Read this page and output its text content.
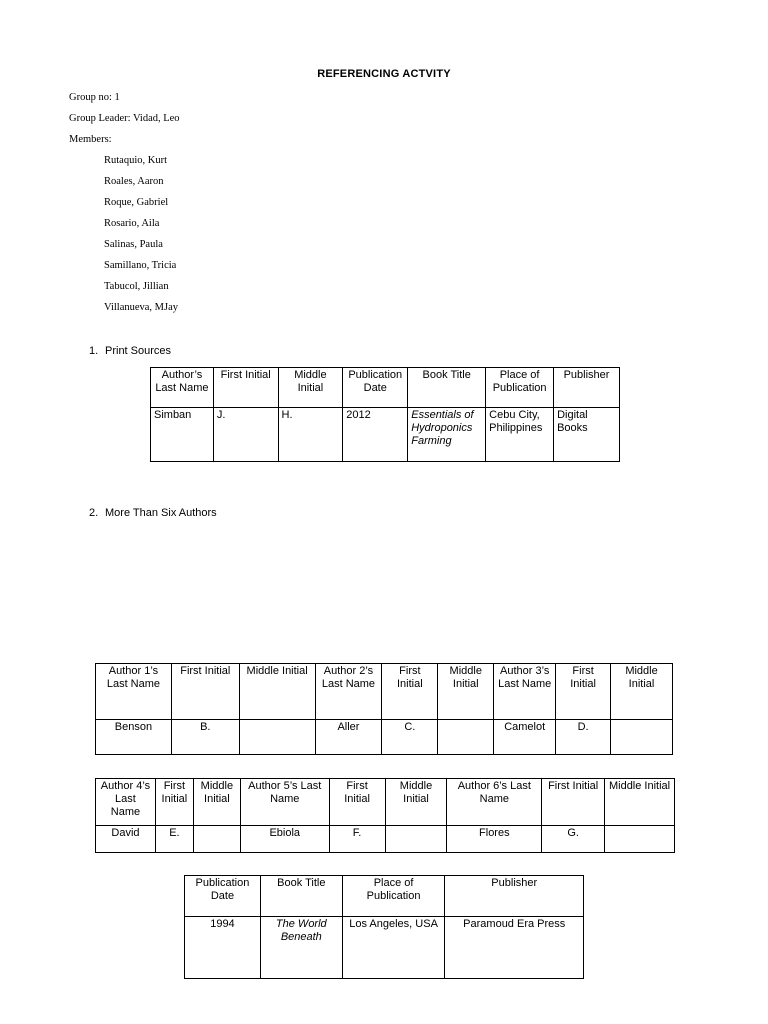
REFERENCING ACTVITY
Group no: 1
Group Leader: Vidad, Leo
Members:
Rutaquio, Kurt
Roales, Aaron
Roque, Gabriel
Rosario, Aila
Salinas, Paula
Samillano, Tricia
Tabucol, Jillian
Villanueva, MJay
1. Print Sources
Author’s Last Name	First Initial	Middle Initial	Publication Date	Book Title	Place of Publication	Publisher
Simban	J.	H.	2012	Essentials of Hydroponics Farming	Cebu City, Philippines	Digital Books
2. More Than Six Authors
Author 1’s Last Name	First Initial	Middle Initial	Author 2’s Last Name	First Initial	Middle Initial	Author 3’s Last Name	First Initial	Middle Initial
Benson	B.		Aller	C.		Camelot	D.	
Author 4’s Last Name	First Initial	Middle Initial	Author 5’s Last Name	First Initial	Middle Initial	Author 6’s Last Name	First Initial	Middle Initial
David	E.		Ebiola	F.		Flores	G.	
Publication Date	Book Title	Place of Publication	Publisher
1994	The World Beneath	Los Angeles, USA	Paramoud Era Press
